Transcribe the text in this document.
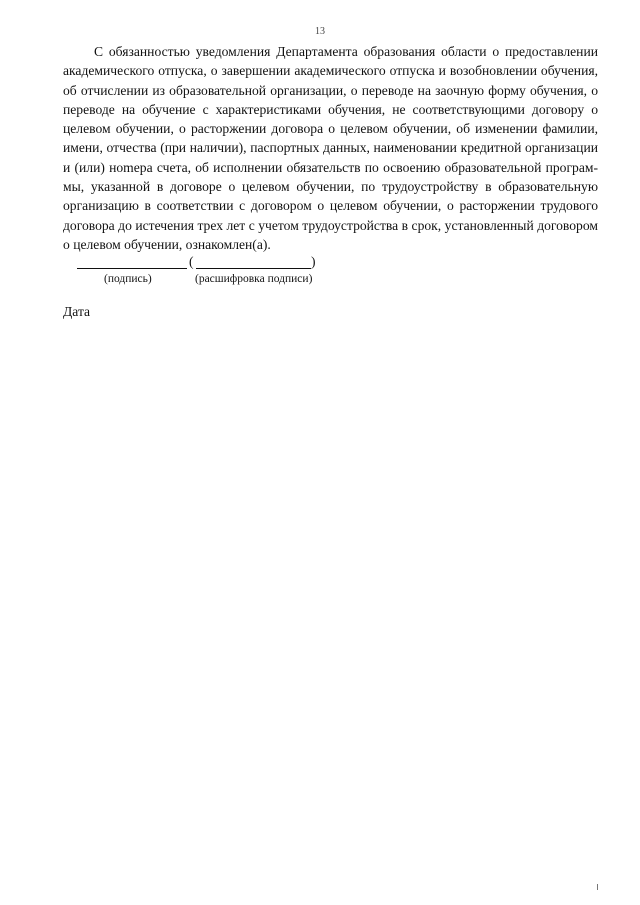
13

С обязанностью уведомления Департамента образования области о предоставлении академического отпуска, о завершении академического отпуска и возобновлении обучения, об отчислении из образовательной организации, о переводе на заочную форму обучения, о переводе на обучение с характеристиками обучения, не соответствующими договору о целевом обучении, о расторжении договора о целевом обучении, об изменении фамилии, имени, отчества (при наличии), паспортных данных, наименовании кредитной организации и (или) ноmера счета, об исполнении обязательств по освоению образовательной программы, указанной в договоре о целевом обучении, по трудоустройству в образовательную организацию в соответствии с договором о целевом обучении, о расторжении трудового договора до истечения трех лет с учетом трудоустройства в срок, установленный договором о целевом обучении, ознакомлен(а).

(	)
(подпись)	(расшифровка подписи)
Дата
